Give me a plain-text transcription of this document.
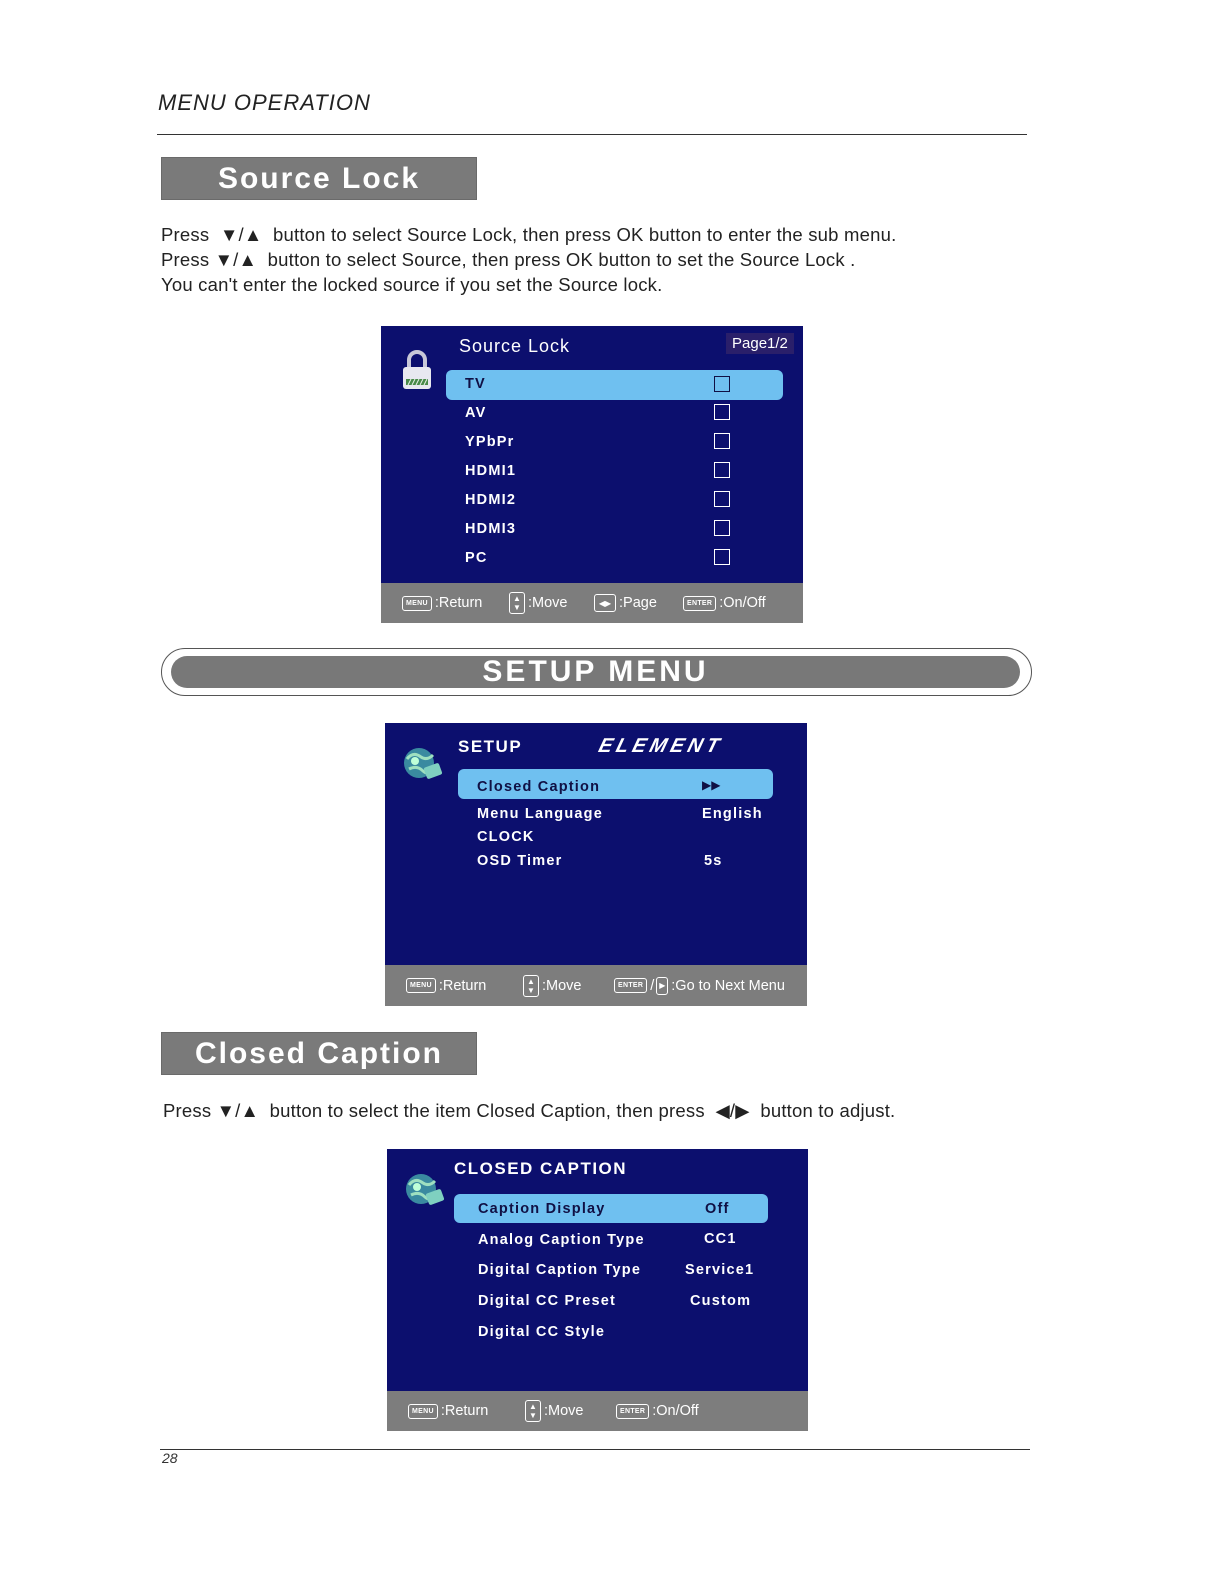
MENU OPERATION
Source Lock
Press  ▼/▲  button to select Source Lock, then press OK button to enter the sub menu.
Press ▼/▲  button to select Source, then press OK button to set the Source Lock .
You can't enter the locked source if you set the Source lock.
Source Lock	Page1/2
TV
AV
YPbPr
HDMI1
HDMI2
HDMI3
PC
MENU :Return	▲
▼ :Move	◀▶ :Page	ENTER :On/Off
SETUP MENU
SETUP	ELEMENT
Closed Caption	▶▶
Menu Language	English
CLOCK
OSD Timer	5s
MENU :Return	▲
▼ :Move	ENTER / ▶ :Go to Next Menu
Closed Caption
Press ▼/▲  button to select the item Closed Caption, then press  ◀/▶  button to adjust.
CLOSED CAPTION
Caption Display	Off
Analog Caption Type	CC1
Digital Caption Type	Service1
Digital CC Preset	Custom
Digital CC Style
MENU :Return	▲
▼ :Move	ENTER :On/Off
28
